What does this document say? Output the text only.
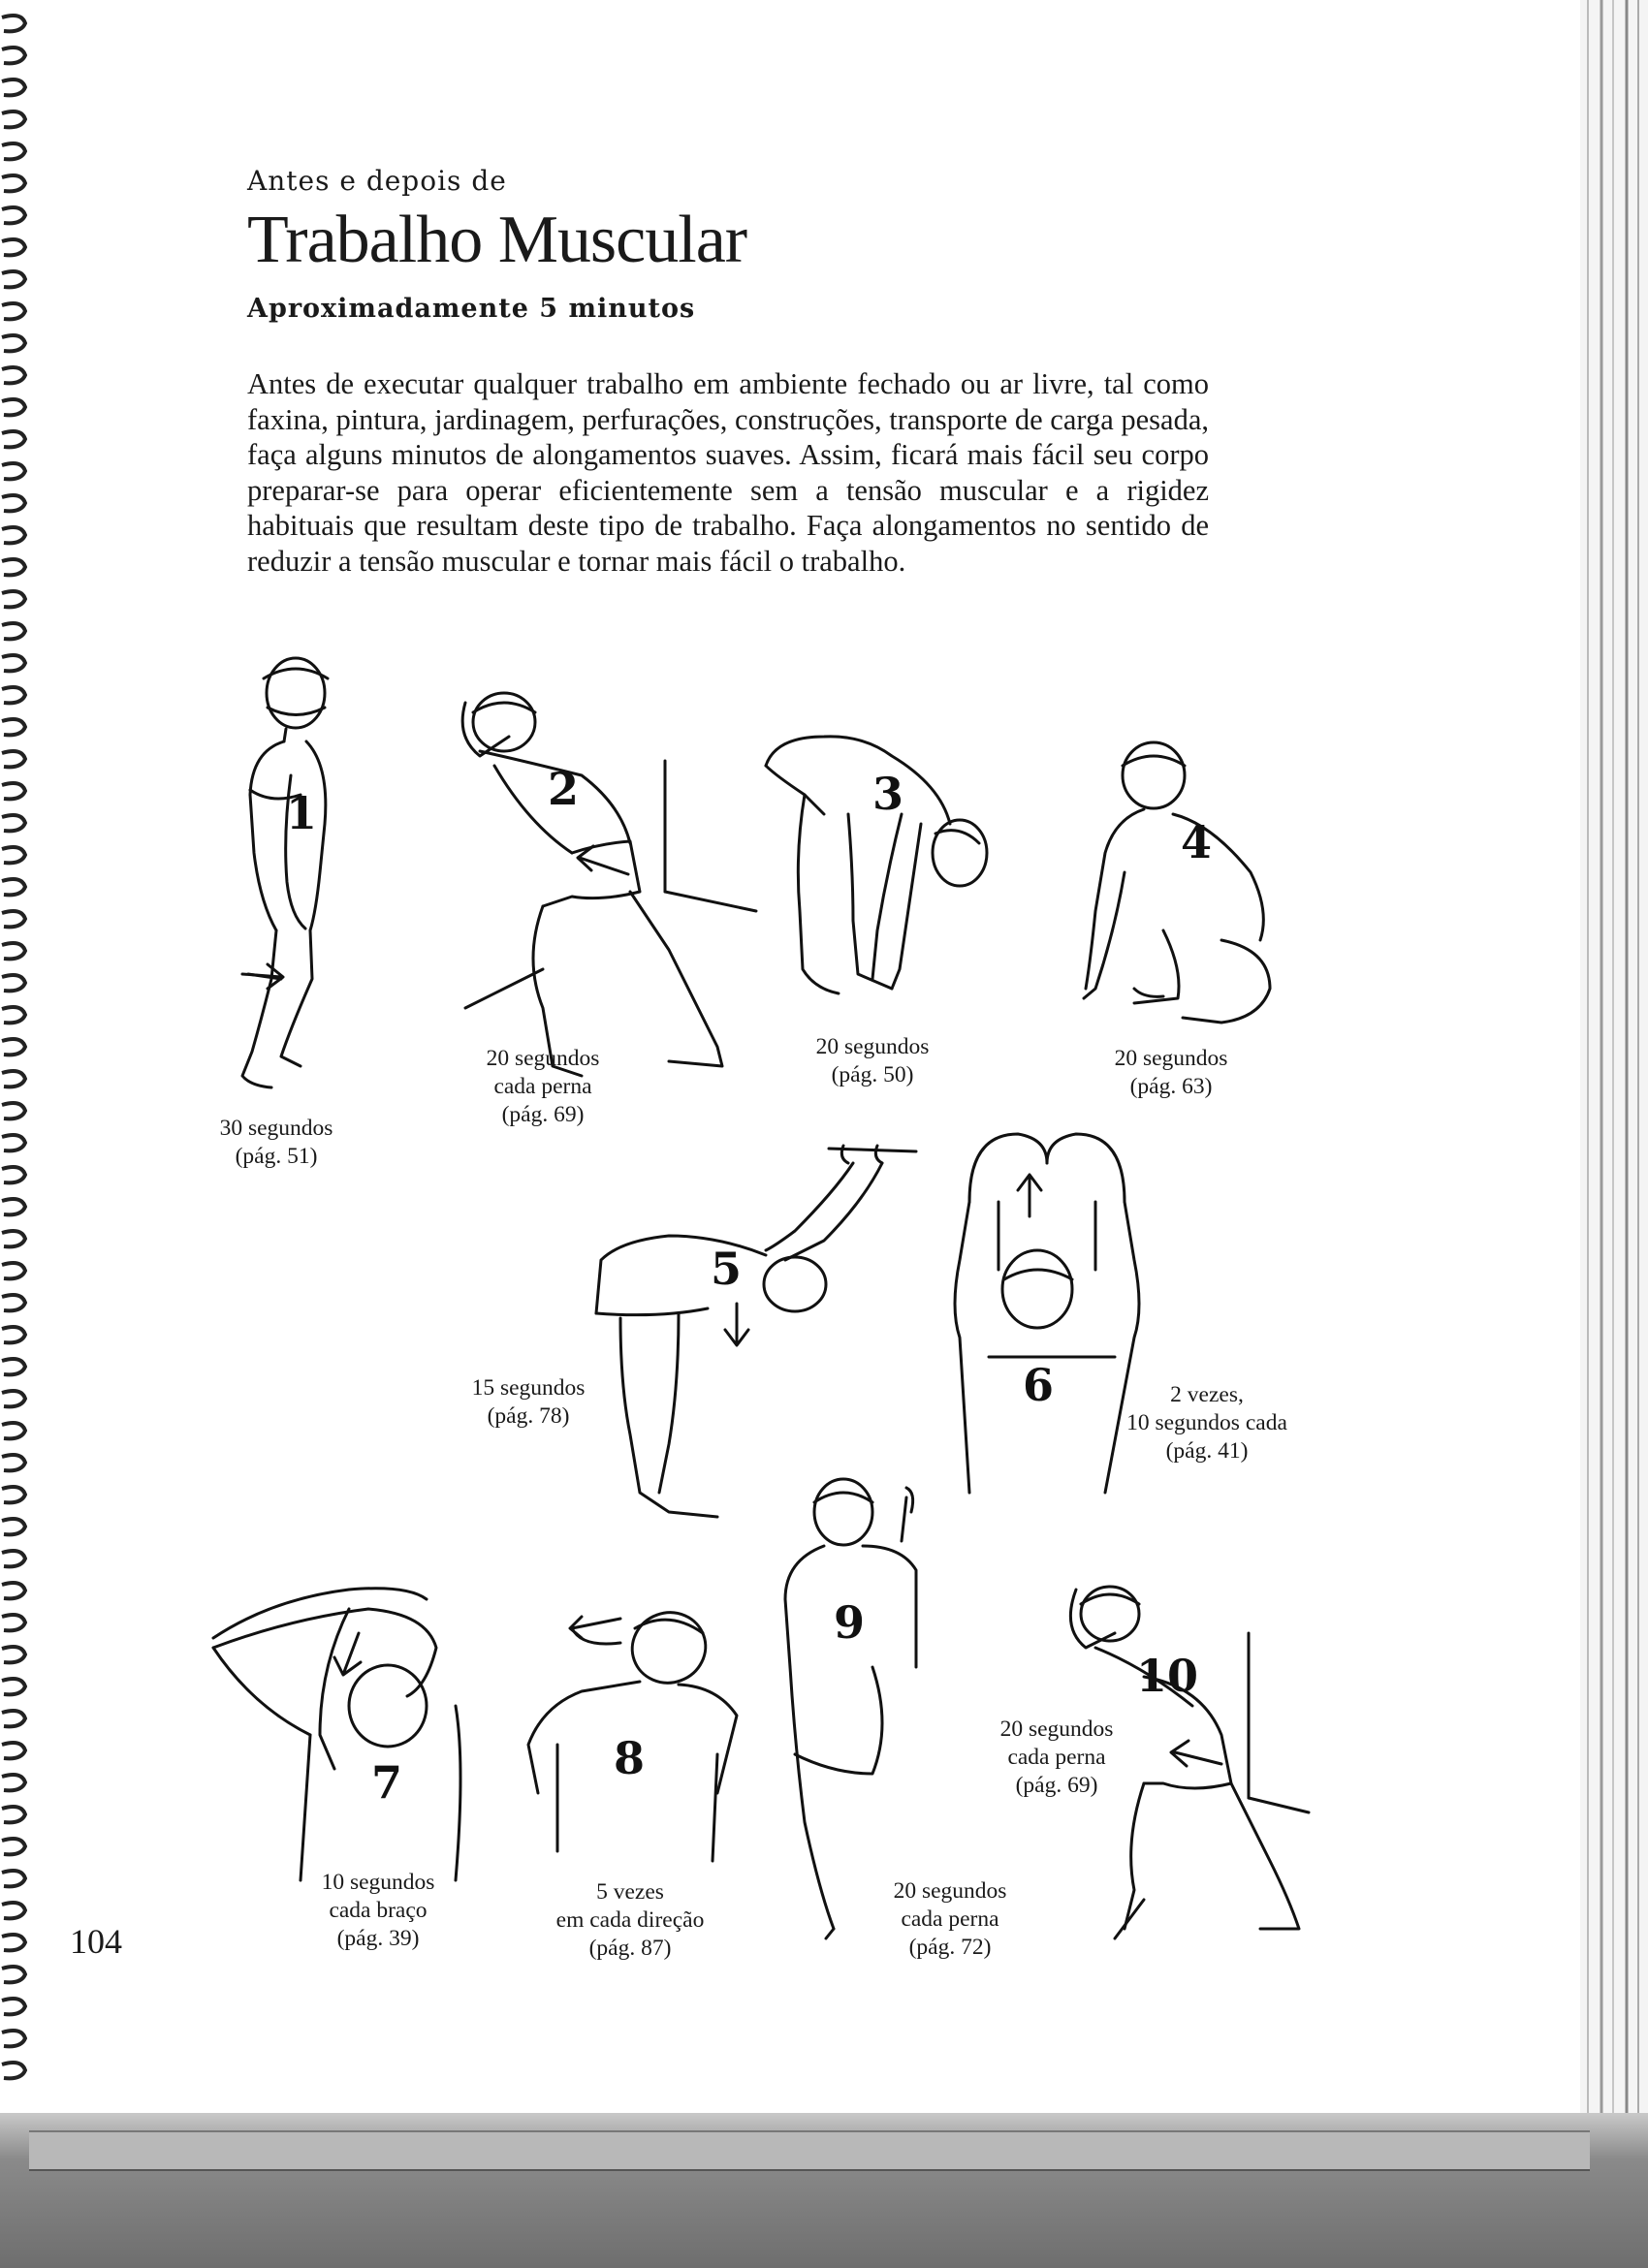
Antes e depois de
Trabalho Muscular
Aproximadamente 5 minutos
Antes de executar qualquer trabalho em ambiente fechado ou ar livre, tal como faxina, pintura, jardinagem, perfurações, construções, transporte de carga pesada, faça alguns minutos de alongamentos suaves. Assim, ficará mais fácil seu corpo preparar-se para operar eficientemente sem a tensão muscular e a rigidez habituais que resultam deste tipo de trabalho. Faça alongamentos no sentido de reduzir a tensão muscular e tornar mais fácil o trabalho.
1	2	3
4
5
6
7	8
9
10
30 segundos
(pág. 51)
20 segundos
cada perna
(pág. 69)
20 segundos
(pág. 50)
20 segundos
(pág. 63)
15 segundos
(pág. 78)
2 vezes,
10 segundos cada
(pág. 41)
10 segundos
cada braço
(pág. 39)
5 vezes
em cada direção
(pág. 87)
20 segundos
cada perna
(pág. 72)
20 segundos
cada perna
(pág. 69)
104
